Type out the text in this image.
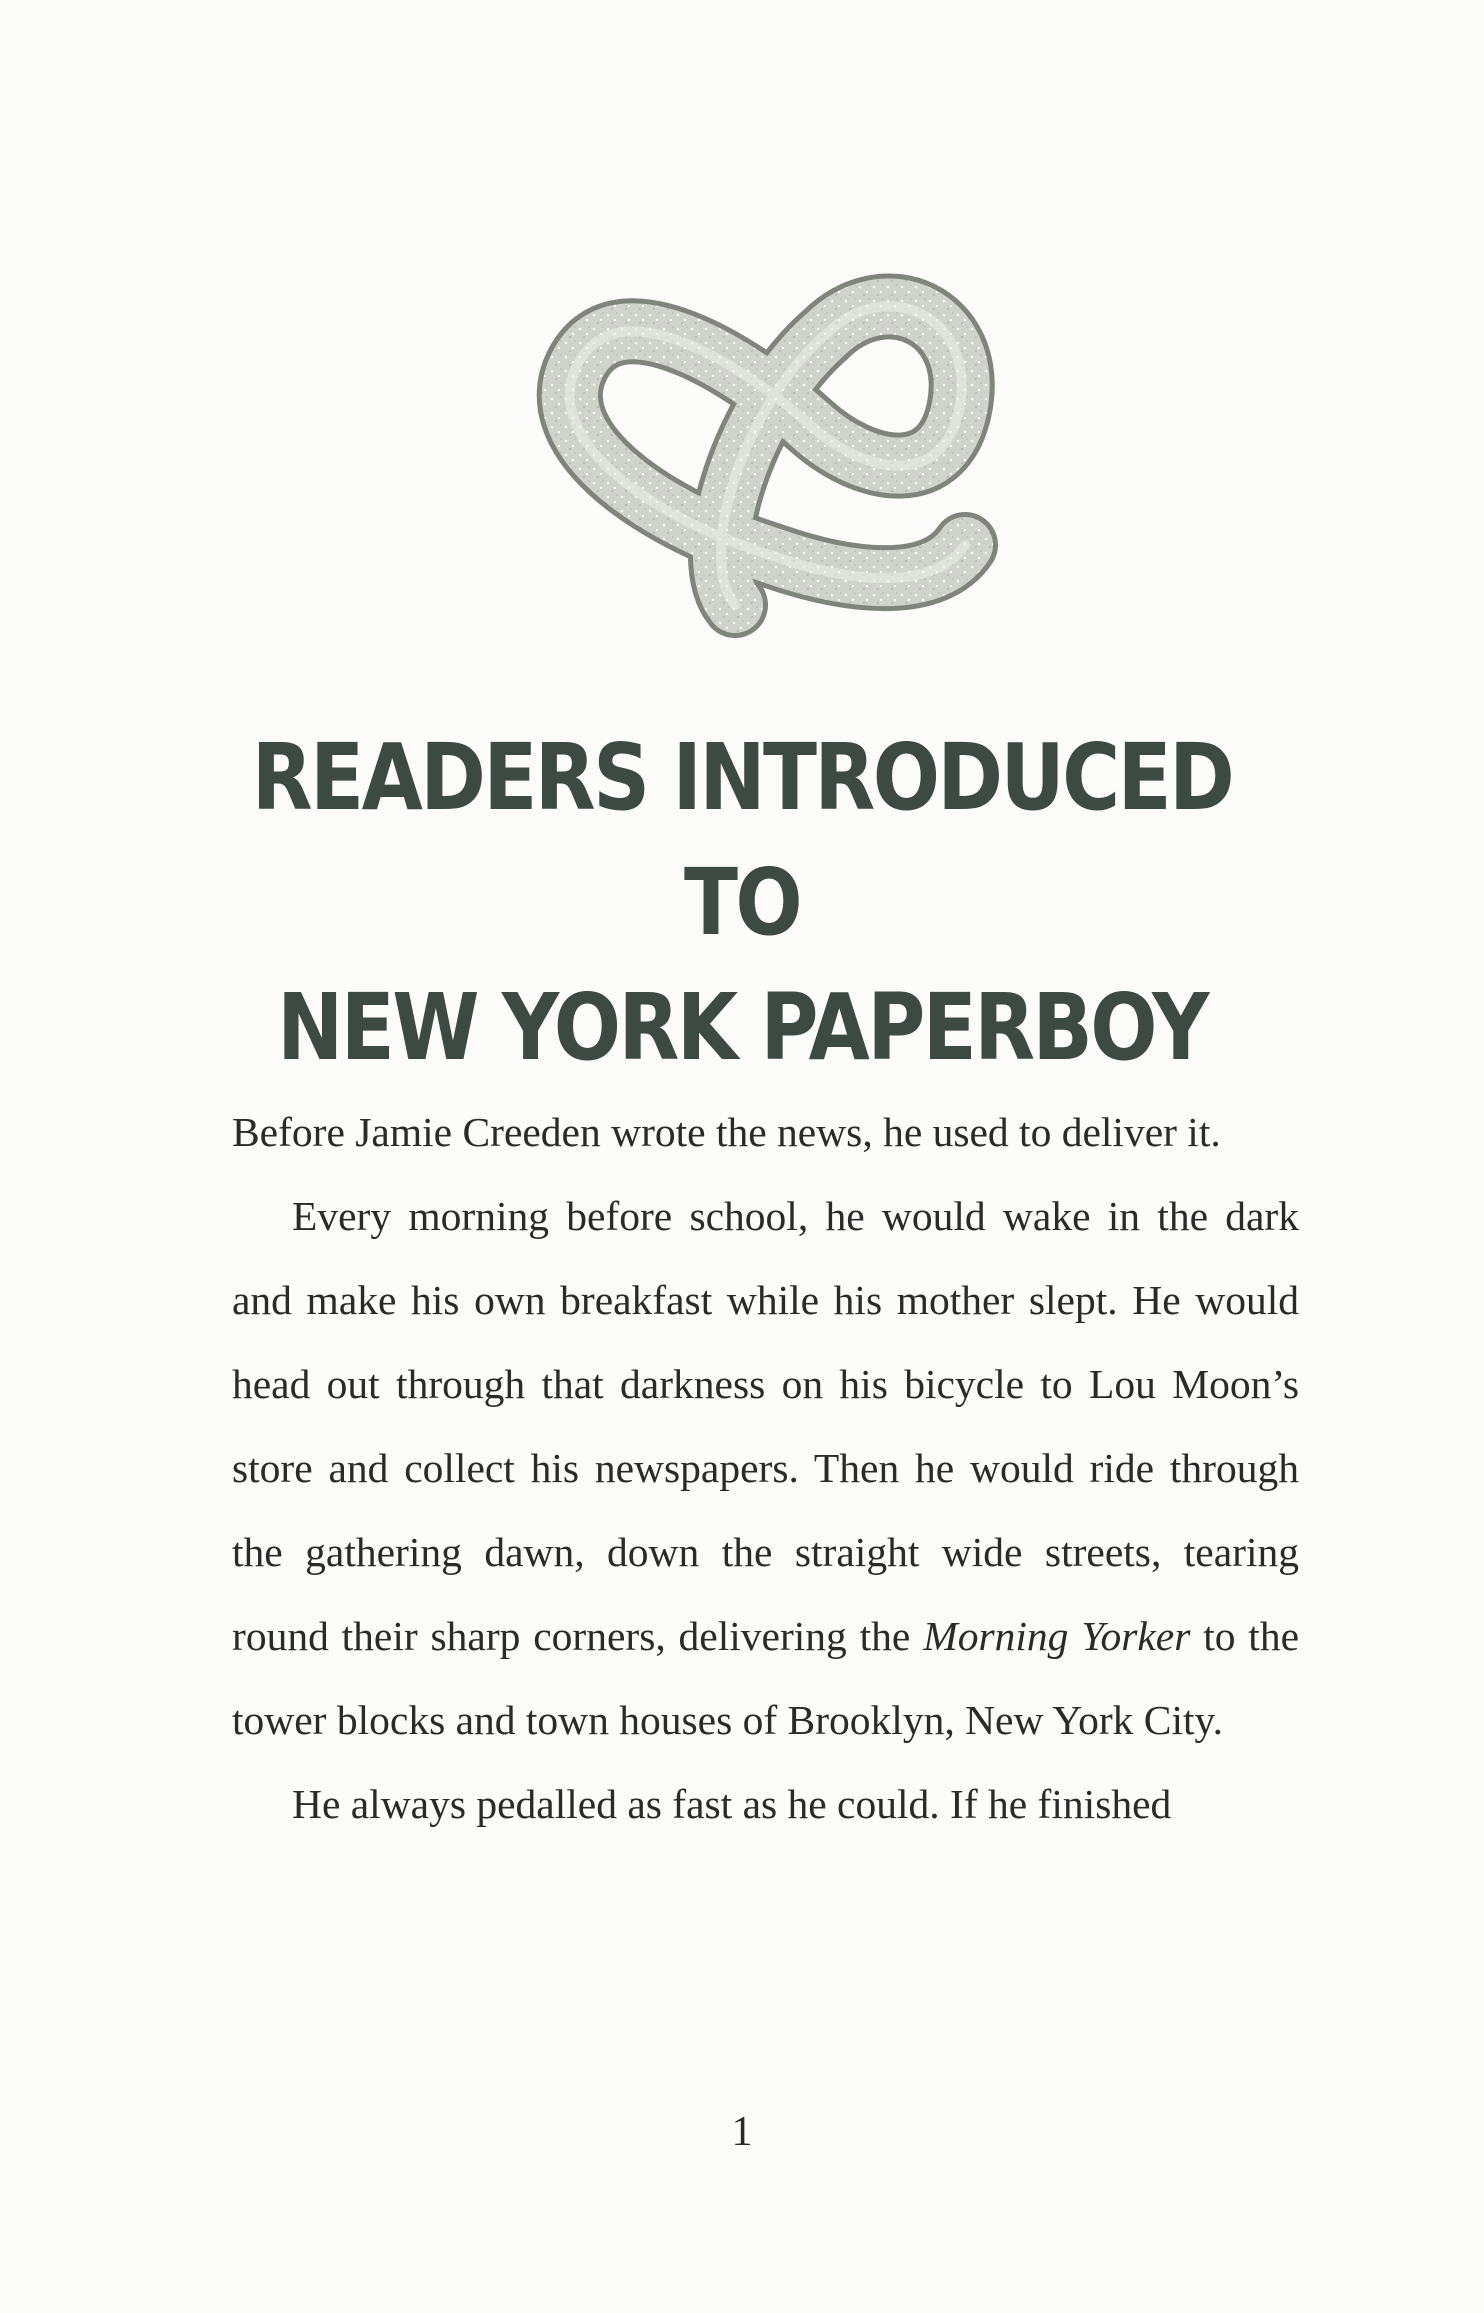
READERS INTRODUCED TO
NEW YORK PAPERBOY

Before Jamie Creeden wrote the news, he used to deliver it.

Every morning before school, he would wake in the dark and make his own breakfast while his mother slept. He would head out through that darkness on his bicycle to Lou Moon’s store and collect his newspapers. Then he would ride through the gathering dawn, down the straight wide streets, tearing round their sharp corners, delivering the Morning Yorker to the tower blocks and town houses of Brooklyn, New York City.

He always pedalled as fast as he could. If he finished

1
